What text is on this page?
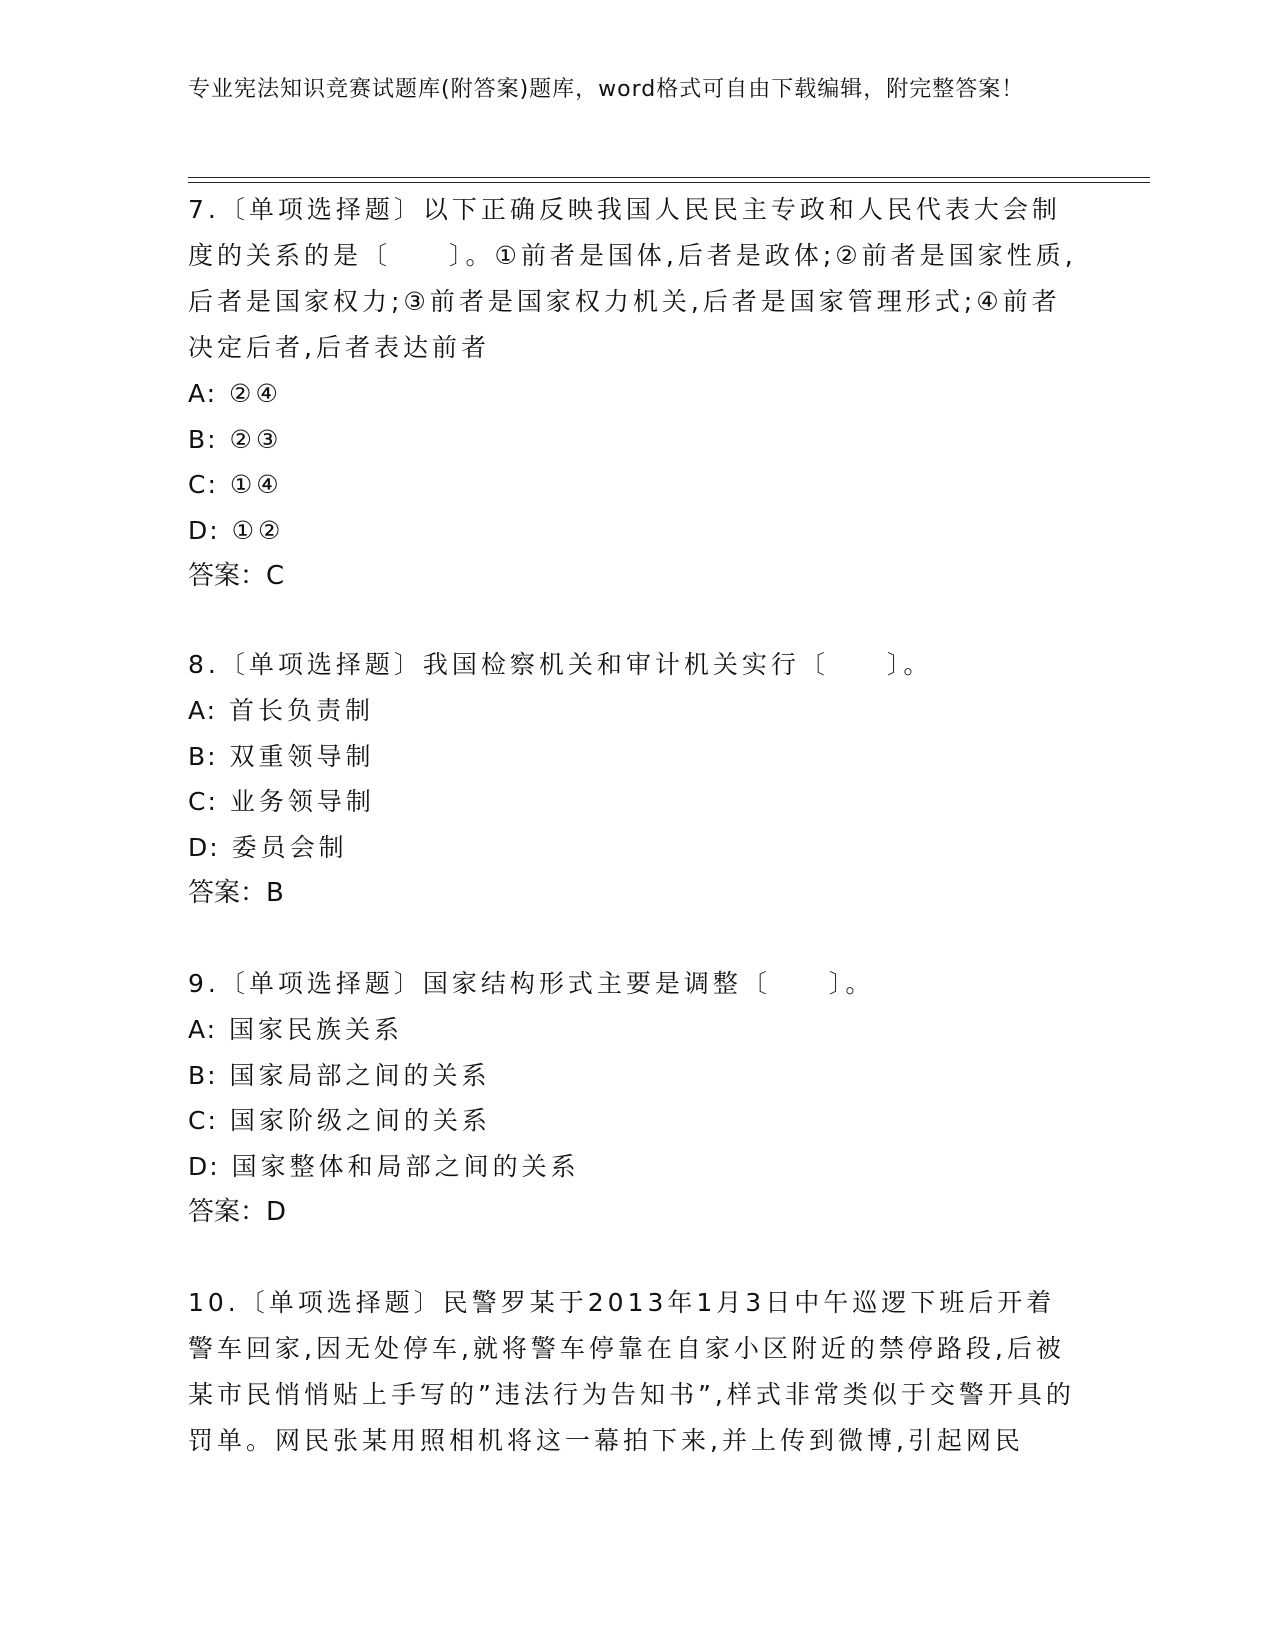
专业宪法知识竞赛试题库(附答案)题库，word格式可自由下载编辑，附完整答案！
7.〔单项选择题〕以下正确反映我国人民民主专政和人民代表大会制度的关系的是〔　　〕。①前者是国体,后者是政体;②前者是国家性质,后者是国家权力;③前者是国家权力机关,后者是国家管理形式;④前者决定后者,后者表达前者
A: ②④
B: ②③
C: ①④
D: ①②
答案：C
8.〔单项选择题〕我国检察机关和审计机关实行〔　　〕。
A: 首长负责制
B: 双重领导制
C: 业务领导制
D: 委员会制
答案：B
9.〔单项选择题〕国家结构形式主要是调整〔　　〕。
A: 国家民族关系
B: 国家局部之间的关系
C: 国家阶级之间的关系
D: 国家整体和局部之间的关系
答案：D
10.〔单项选择题〕民警罗某于2013年1月3日中午巡逻下班后开着警车回家,因无处停车,就将警车停靠在自家小区附近的禁停路段,后被某市民悄悄贴上手写的”违法行为告知书”,样式非常类似于交警开具的罚单。网民张某用照相机将这一幕拍下来,并上传到微博,引起网民
